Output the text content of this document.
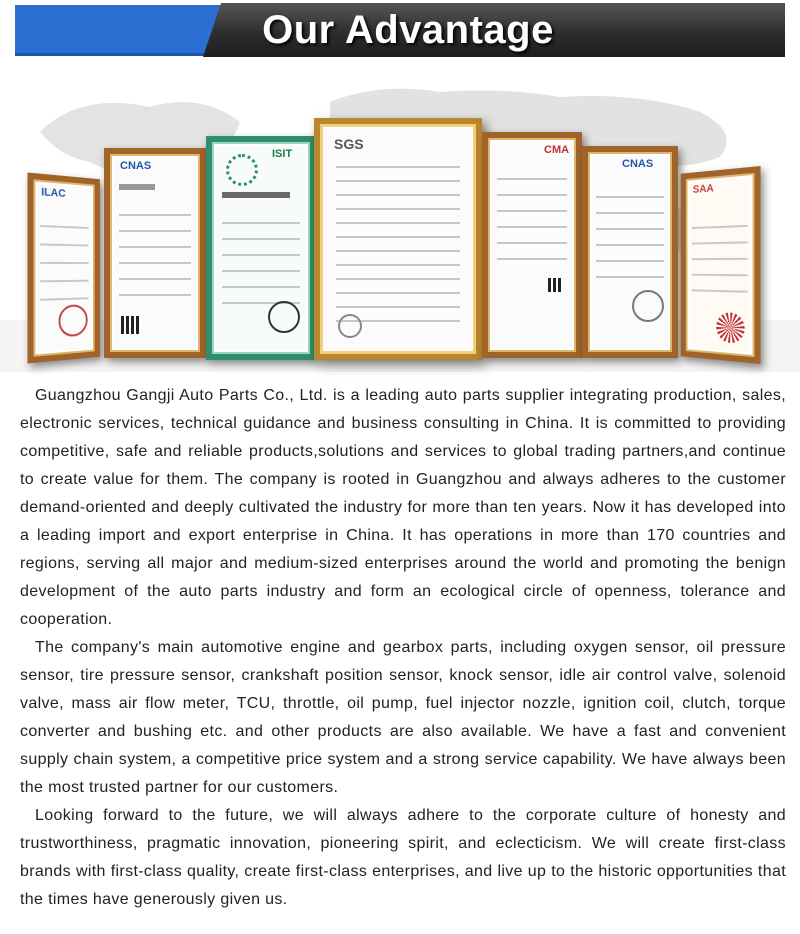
Our Advantage
ILAC
CNAS
ISIT
SGS	CMA
CNAS
SAA

Guangzhou Gangji Auto Parts Co., Ltd. is a leading auto parts supplier integrating production, sales, electronic services, technical guidance and business consulting in China. It is committed to providing competitive, safe and reliable products,solutions and services to global trading partners,and continue to create value for them. The company is rooted in Guangzhou and always adheres to the customer demand-oriented and deeply cultivated the industry for more than ten years. Now it has developed into a leading import and export enterprise in China. It has operations in more than 170 countries and regions, serving all major and medium-sized enterprises around the world and promoting the benign development of the auto parts industry and form an ecological circle of openness, tolerance and cooperation.

The company's main automotive engine and gearbox parts, including oxygen sensor, oil pressure sensor, tire pressure sensor, crankshaft position sensor, knock sensor, idle air control valve, solenoid valve, mass air flow meter, TCU, throttle, oil pump, fuel injector nozzle, ignition coil, clutch, torque converter and bushing etc. and other products are also available. We have a fast and convenient supply chain system, a competitive price system and a strong service capability. We have always been the most trusted partner for our customers.

Looking forward to the future, we will always adhere to the corporate culture of honesty and trustworthiness, pragmatic innovation, pioneering spirit, and eclecticism. We will create first-class brands with first-class quality, create first-class enterprises, and live up to the historic opportunities that the times have generously given us.
